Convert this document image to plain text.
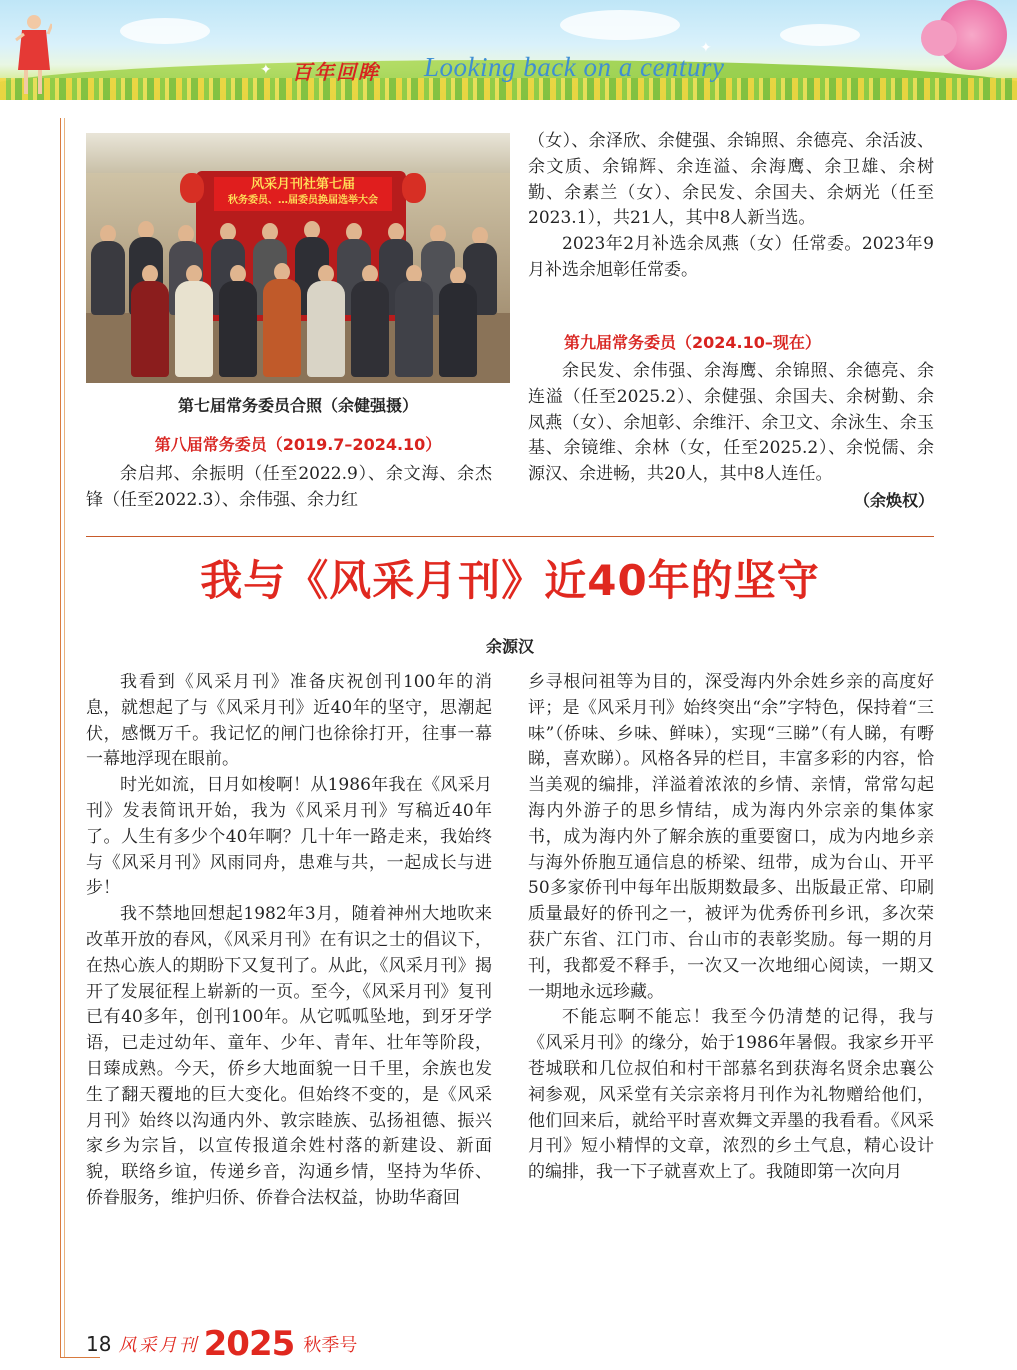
✦
✦
百年回眸 Looking back on a century
风采月刊社第七届
秋务委员、…届委员换届选举大会
第七届常务委员合照（余健强摄）
第八届常务委员（2019.7–2024.10）

余启邦、余振明（任至2022.9）、余文海、余杰锋（任至2022.3）、余伟强、余力红

（女）、余泽欣、余健强、余锦照、余德亮、余活波、余文质、余锦辉、余连溢、余海鹰、余卫雄、余树勤、余素兰（女）、余民发、余国夫、余炳光（任至2023.1），共21人，其中8人新当选。

2023年2月补选余凤燕（女）任常委。2023年9月补选余旭彰任常委。

第九届常务委员（2024.10–现在）

余民发、余伟强、余海鹰、余锦照、余德亮、余连溢（任至2025.2）、余健强、余国夫、余树勤、余凤燕（女）、余旭彰、余维汗、余卫文、余泳生、余玉基、余镜维、余林（女，任至2025.2）、余悦儒、余源汉、余进畅，共20人，其中8人连任。
（余焕权）

我与《风采月刊》近40年的坚守
余源汉

我看到《风采月刊》准备庆祝创刊100年的消息，就想起了与《风采月刊》近40年的坚守，思潮起伏，感慨万千。我记忆的闸门也徐徐打开，往事一幕一幕地浮现在眼前。

时光如流，日月如梭啊！从1986年我在《风采月刊》发表简讯开始，我为《风采月刊》写稿近40年了。人生有多少个40年啊？几十年一路走来，我始终与《风采月刊》风雨同舟，患难与共，一起成长与进步！

我不禁地回想起1982年3月，随着神州大地吹来改革开放的春风，《风采月刊》在有识之士的倡议下，在热心族人的期盼下又复刊了。从此，《风采月刊》揭开了发展征程上崭新的一页。至今，《风采月刊》复刊已有40多年，创刊100年。从它呱呱坠地，到牙牙学语，已走过幼年、童年、少年、青年、壮年等阶段，日臻成熟。今天，侨乡大地面貌一日千里，余族也发生了翻天覆地的巨大变化。但始终不变的，是《风采月刊》始终以沟通内外、敦宗睦族、弘扬祖德、振兴家乡为宗旨，以宣传报道余姓村落的新建设、新面貌，联络乡谊，传递乡音，沟通乡情，坚持为华侨、侨眷服务，维护归侨、侨眷合法权益，协助华裔回

乡寻根问祖等为目的，深受海内外余姓乡亲的高度好评；是《风采月刊》始终突出“余”字特色，保持着“三味”（侨味、乡味、鲜味），实现“三睇”（有人睇，有嘢睇，喜欢睇）。风格各异的栏目，丰富多彩的内容，恰当美观的编排，洋溢着浓浓的乡情、亲情，常常勾起海内外游子的思乡情结，成为海内外宗亲的集体家书，成为海内外了解余族的重要窗口，成为内地乡亲与海外侨胞互通信息的桥梁、纽带，成为台山、开平50多家侨刊中每年出版期数最多、出版最正常、印刷质量最好的侨刊之一，被评为优秀侨刊乡讯，多次荣获广东省、江门市、台山市的表彰奖励。每一期的月刊，我都爱不释手，一次又一次地细心阅读，一期又一期地永远珍藏。

不能忘啊不能忘！我至今仍清楚的记得，我与《风采月刊》的缘分，始于1986年暑假。我家乡开平苍城联和几位叔伯和村干部慕名到获海名贤余忠襄公祠参观，风采堂有关宗亲将月刊作为礼物赠给他们，他们回来后，就给平时喜欢舞文弄墨的我看看。《风采月刊》短小精悍的文章，浓烈的乡土气息，精心设计的编排，我一下子就喜欢上了。我随即第一次向月

18 风采月刊 2025 秋季号
